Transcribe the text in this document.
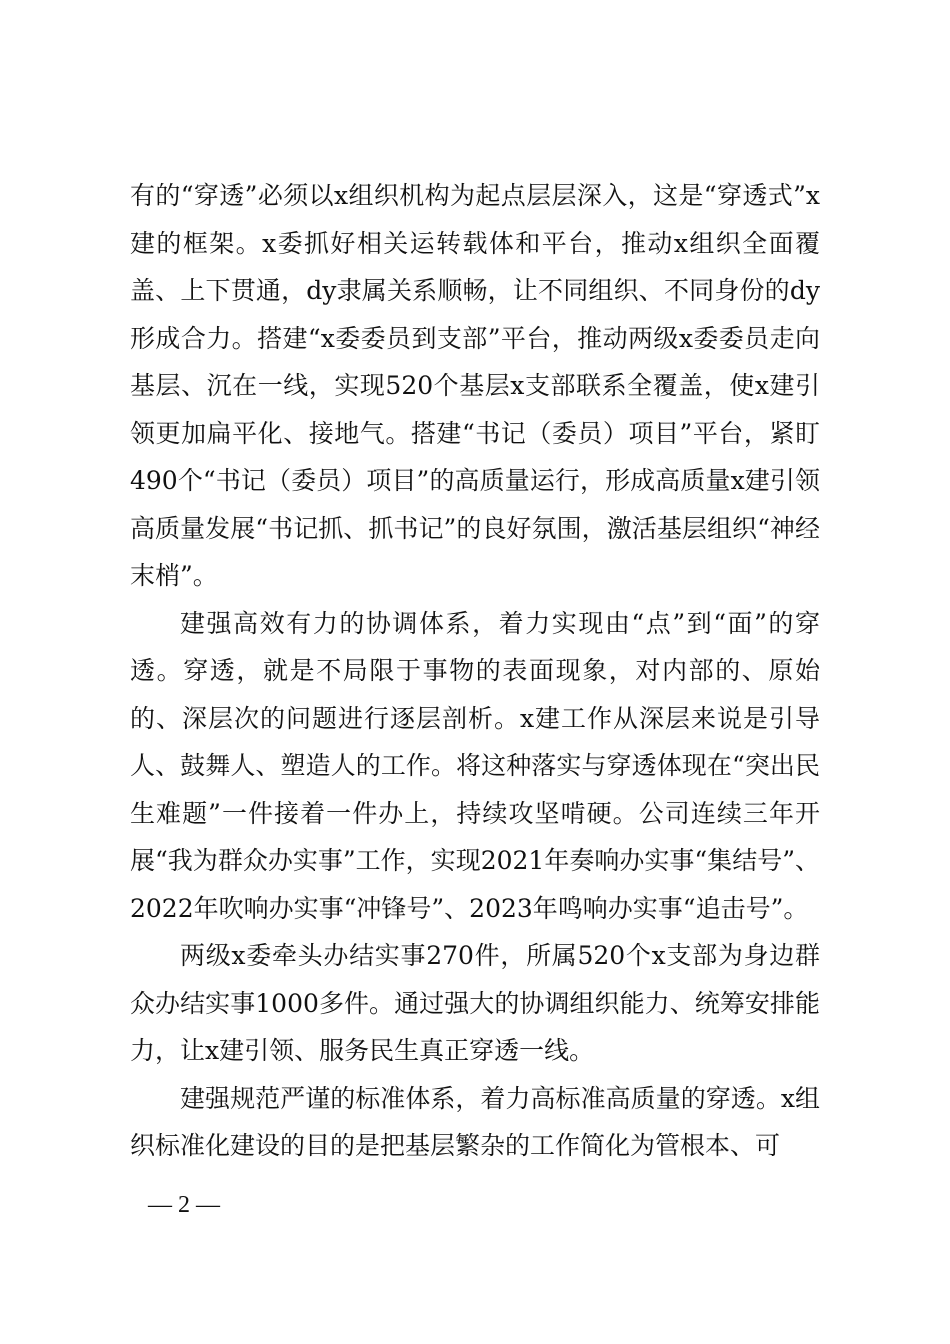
有的“穿透”必须以x组织机构为起点层层深入，这是“穿透式”x建的框架。x委抓好相关运转载体和平台，推动x组织全面覆盖、上下贯通，dy隶属关系顺畅，让不同组织、不同身份的dy形成合力。搭建“x委委员到支部”平台，推动两级x委委员走向基层、沉在一线，实现520个基层x支部联系全覆盖，使x建引领更加扁平化、接地气。搭建“书记（委员）项目”平台，紧盯490个“书记（委员）项目”的高质量运行，形成高质量x建引领高质量发展“书记抓、抓书记”的良好氛围，激活基层组织“神经末梢”。

建强高效有力的协调体系，着力实现由“点”到“面”的穿透。穿透，就是不局限于事物的表面现象，对内部的、原始的、深层次的问题进行逐层剖析。x建工作从深层来说是引导人、鼓舞人、塑造人的工作。将这种落实与穿透体现在“突出民生难题”一件接着一件办上，持续攻坚啃硬。公司连续三年开展“我为群众办实事”工作，实现2021年奏响办实事“集结号”、2022年吹响办实事“冲锋号”、2023年鸣响办实事“追击号”。

两级x委牵头办结实事270件，所属520个x支部为身边群众办结实事1000多件。通过强大的协调组织能力、统筹安排能力，让x建引领、服务民生真正穿透一线。

建强规范严谨的标准体系，着力高标准高质量的穿透。x组织标准化建设的目的是把基层繁杂的工作简化为管根本、可

— 2 —
